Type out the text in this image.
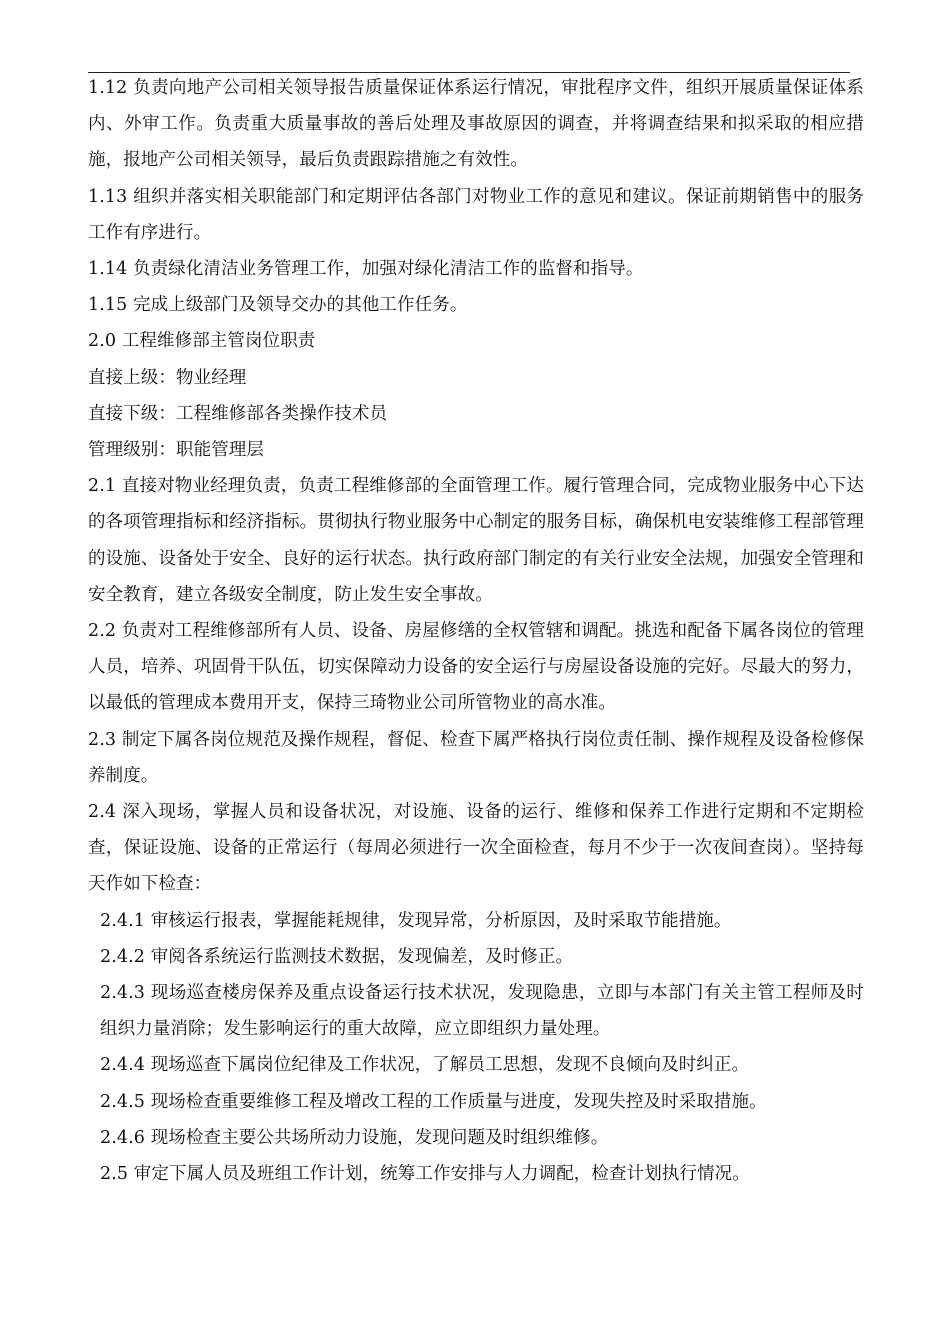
1.12 负责向地产公司相关领导报告质量保证体系运行情况，审批程序文件，组织开展质量保证体系内、外审工作。负责重大质量事故的善后处理及事故原因的调查，并将调查结果和拟采取的相应措施，报地产公司相关领导，最后负责跟踪措施之有效性。

1.13 组织并落实相关职能部门和定期评估各部门对物业工作的意见和建议。保证前期销售中的服务工作有序进行。

1.14 负责绿化清洁业务管理工作，加强对绿化清洁工作的监督和指导。

1.15 完成上级部门及领导交办的其他工作任务。

2.0 工程维修部主管岗位职责

直接上级：物业经理

直接下级：工程维修部各类操作技术员

管理级别：职能管理层

2.1 直接对物业经理负责，负责工程维修部的全面管理工作。履行管理合同，完成物业服务中心下达的各项管理指标和经济指标。贯彻执行物业服务中心制定的服务目标，确保机电安装维修工程部管理的设施、设备处于安全、良好的运行状态。执行政府部门制定的有关行业安全法规，加强安全管理和安全教育，建立各级安全制度，防止发生安全事故。

2.2 负责对工程维修部所有人员、设备、房屋修缮的全权管辖和调配。挑选和配备下属各岗位的管理人员，培养、巩固骨干队伍，切实保障动力设备的安全运行与房屋设备设施的完好。尽最大的努力，以最低的管理成本费用开支，保持三琦物业公司所管物业的高水准。

2.3 制定下属各岗位规范及操作规程，督促、检查下属严格执行岗位责任制、操作规程及设备检修保养制度。

2.4 深入现场，掌握人员和设备状况，对设施、设备的运行、维修和保养工作进行定期和不定期检查，保证设施、设备的正常运行（每周必须进行一次全面检查，每月不少于一次夜间查岗）。坚持每天作如下检查：

2.4.1 审核运行报表，掌握能耗规律，发现异常，分析原因，及时采取节能措施。

2.4.2 审阅各系统运行监测技术数据，发现偏差，及时修正。

2.4.3 现场巡查楼房保养及重点设备运行技术状况，发现隐患，立即与本部门有关主管工程师及时组织力量消除；发生影响运行的重大故障，应立即组织力量处理。

2.4.4 现场巡查下属岗位纪律及工作状况，了解员工思想，发现不良倾向及时纠正。

2.4.5 现场检查重要维修工程及增改工程的工作质量与进度，发现失控及时采取措施。

2.4.6 现场检查主要公共场所动力设施，发现问题及时组织维修。

2.5 审定下属人员及班组工作计划，统筹工作安排与人力调配，检查计划执行情况。
